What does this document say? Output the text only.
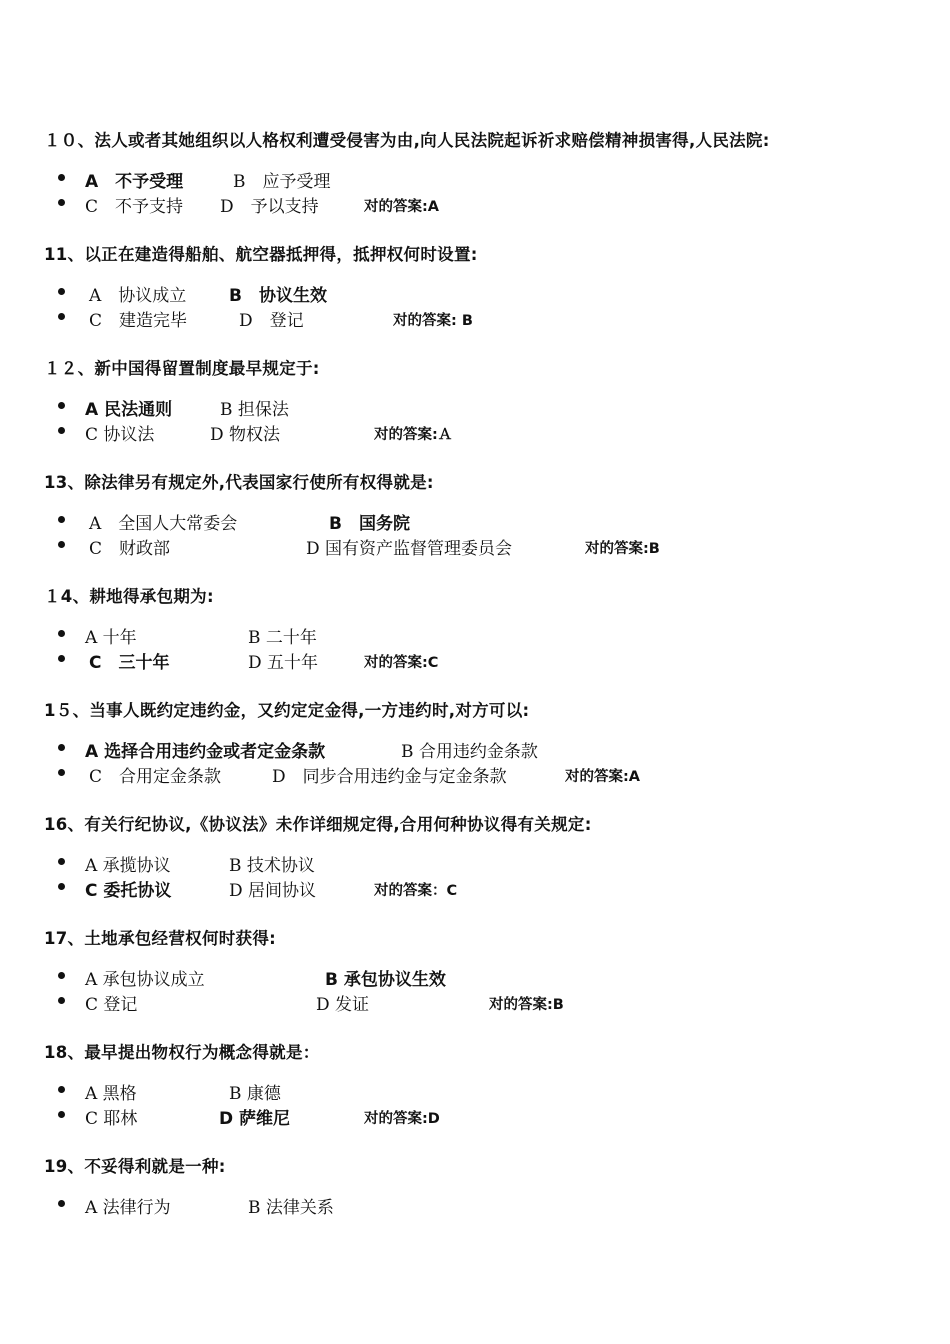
１０、法人或者其她组织以人格权利遭受侵害为由,向人民法院起诉祈求赔偿精神损害得,人民法院:
A　不予受理	B　应予受理
C　不予支持 D　予以支持	对的答案:A
11、以正在建造得船舶、航空器抵押得，抵押权何时设置:
A　协议成立	B　协议生效
C　建造完毕	D　登记	对的答案: B
１２、新中国得留置制度最早规定于:
A 民法通则	B 担保法
C 协议法	D 物权法	对的答案:Ａ
13、除法律另有规定外,代表国家行使所有权得就是:
A　全国人大常委会	B　国务院
C　财政部	D 国有资产监督管理委员会	对的答案:B
１4、耕地得承包期为:
A 十年	B 二十年
C　三十年	D 五十年	对的答案:C
1５、当事人既约定违约金，又约定定金得,一方违约时,对方可以:
A 选择合用违约金或者定金条款	B 合用违约金条款
C　合用定金条款	D　同步合用违约金与定金条款	对的答案:A
16、有关行纪协议,《协议法》未作详细规定得,合用何种协议得有关规定:
A 承揽协议	B 技术协议
C 委托协议	D 居间协议	对的答案：C
17、土地承包经营权何时获得:
A 承包协议成立	B 承包协议生效
C 登记	D 发证	对的答案:B
18、最早提出物权行为概念得就是：
A 黑格	B 康德
C 耶林	D 萨维尼	对的答案:D
19、不妥得利就是一种:
A 法律行为	B 法律关系
